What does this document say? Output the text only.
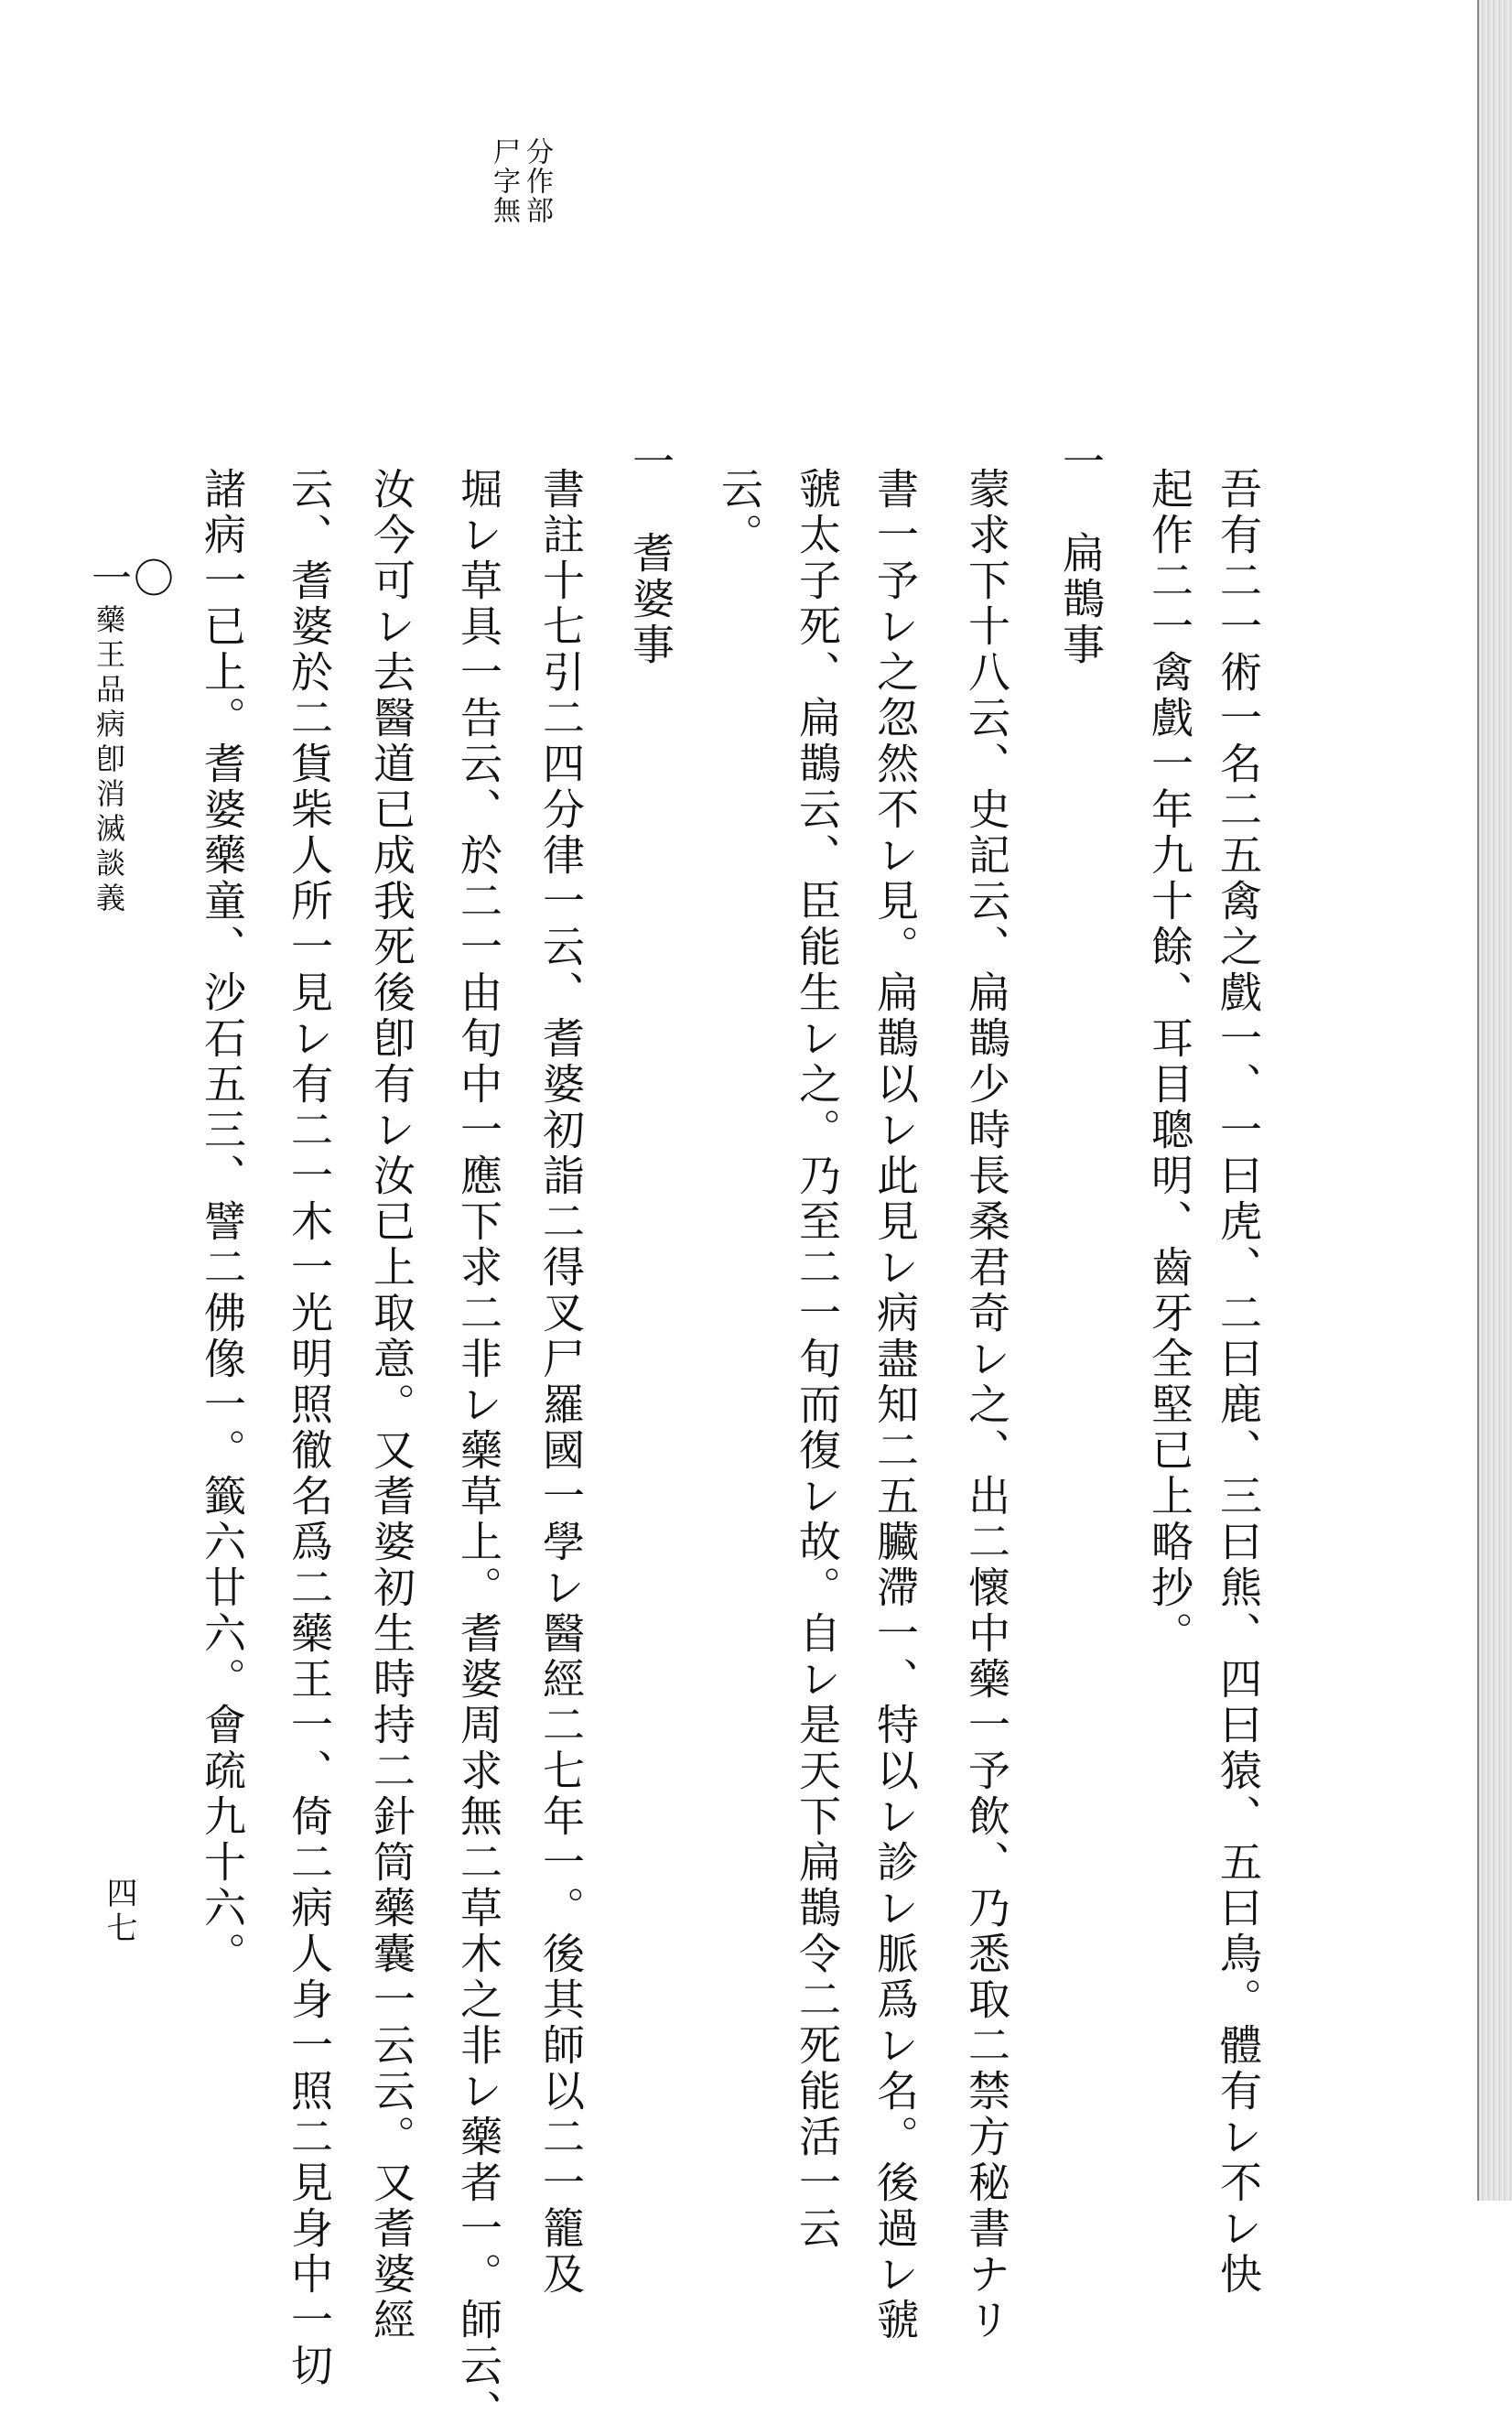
分作部
尸字無
吾有二一術一名二五禽之戲一、一曰虎、二曰鹿、三曰熊、四曰猿、五曰鳥。體有レ不レ快
起作二一禽戲一年九十餘、耳目聰明、齒牙全堅已上略抄。
一　扁鵲事
蒙求下十八云、史記云、扁鵲少時長桑君奇レ之、出二懷中藥一予飲、乃悉取二禁方秘書ナリ
書一予レ之忽然不レ見。扁鵲以レ此見レ病盡知二五臟滯一、特以レ診レ脈爲レ名。後過レ虢
虢太子死、扁鵲云、臣能生レ之。乃至二一旬而復レ故。自レ是天下扁鵲令二死能活一云
云。
一　耆婆事
書註十七引二四分律一云、耆婆初詣二得叉尸羅國一學レ醫經二七年一。後其師以二一籠及
堀レ草具一告云、於二一由旬中一應下求二非レ藥草上。耆婆周求無二草木之非レ藥者一。師云、
汝今可レ去醫道已成我死後卽有レ汝已上取意。又耆婆初生時持二針筒藥囊一云云。又耆婆經
云、耆婆於二貨柴人所一見レ有二一木一光明照徹名爲二藥王一、倚二病人身一照二見身中一切
諸病一已上。耆婆藥童、沙石五三、譬二佛像一。籤六廿六。會疏九十六。
一〇
藥王品病卽消滅談義
四七
